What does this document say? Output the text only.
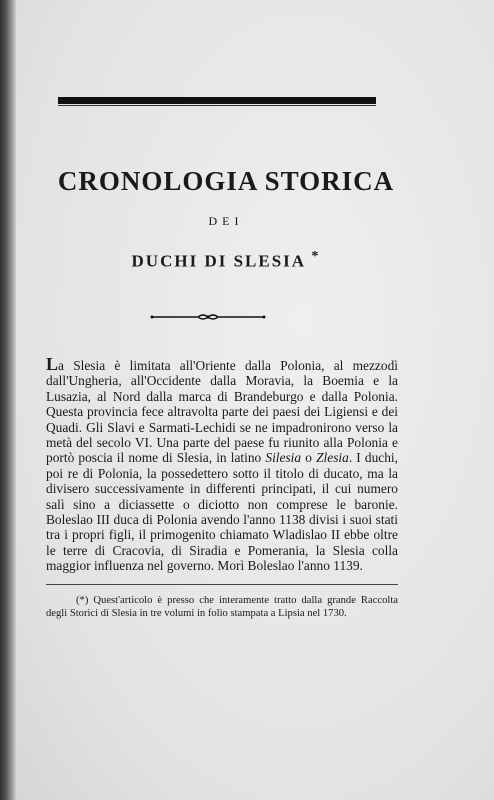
CRONOLOGIA STORICA

DEI

DUCHI DI SLESIA *

La Slesia è limitata all'Oriente dalla Polonia, al mezzodì dall'Ungheria, all'Occidente dalla Moravia, la Boemia e la Lusazia, al Nord dalla marca di Brandeburgo e dalla Polonia. Questa provincia fece altravolta parte dei paesi dei Ligiensi e dei Quadi. Gli Slavi e Sarmati-Lechidi se ne impadronirono verso la metà del secolo VI. Una parte del paese fu riunito alla Polonia e portò poscia il nome di Slesia, in latino Silesia o Zlesia. I duchi, poi re di Polonia, la possedettero sotto il titolo di ducato, ma la divisero successivamente in differenti principati, il cui numero salì sino a diciassette o diciotto non comprese le baronie. Boleslao III duca di Polonia avendo l'anno 1138 divisi i suoi stati tra i propri figli, il primogenito chiamato Wladislao II ebbe oltre le terre di Cracovia, di Siradia e Pomerania, la Slesia colla maggior influenza nel governo. Morì Boleslao l'anno 1139.

(*) Quest'articolo è presso che interamente tratto dalla grande Raccolta degli Storici di Slesia in tre volumi in folio stampata a Lipsia nel 1730.
